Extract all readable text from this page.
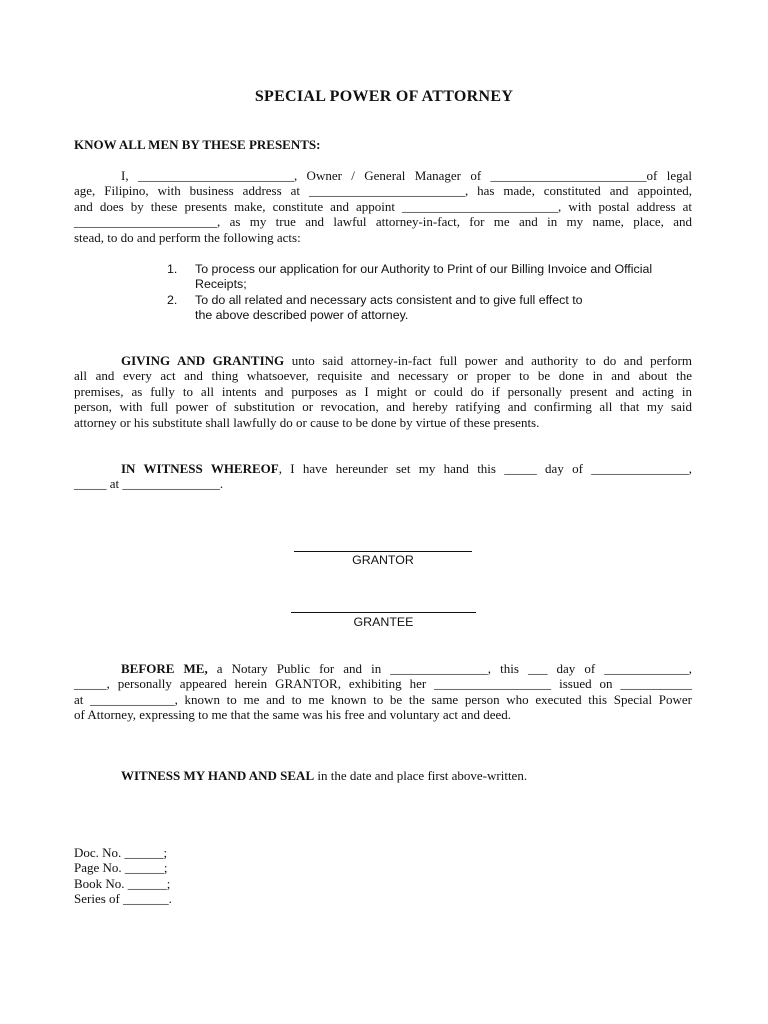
SPECIAL POWER OF ATTORNEY
KNOW ALL MEN BY THESE PRESENTS:
I, ________________________, Owner / General Manager of ________________________of legal
age, Filipino, with business address at ________________________, has made, constituted and appointed,
and does by these presents make, constitute and appoint ________________________, with postal address at
______________________, as my true and lawful attorney-in-fact, for me and in my name, place, and
stead, to do and perform the following acts:
1. To process our application for our Authority to Print of our Billing Invoice and Official
Receipts;
2. To do all related and necessary acts consistent and to give full effect to
the above described power of attorney.
GIVING AND GRANTING unto said attorney-in-fact full power and authority to do and perform
all and every act and thing whatsoever, requisite and necessary or proper to be done in and about the
premises, as fully to all intents and purposes as I might or could do if personally present and acting in
person, with full power of substitution or revocation, and hereby ratifying and confirming all that my said
attorney or his substitute shall lawfully do or cause to be done by virtue of these presents.
IN WITNESS WHEREOF, I have hereunder set my hand this _____ day of _______________,
_____ at _______________.
GRANTOR
GRANTEE
BEFORE ME, a Notary Public for and in _______________, this ___ day of _____________,
_____, personally appeared herein GRANTOR, exhibiting her __________________ issued on ___________
at _____________, known to me and to me known to be the same person who executed this Special Power
of Attorney, expressing to me that the same was his free and voluntary act and deed.
WITNESS MY HAND AND SEAL in the date and place first above-written.
Doc. No. ______;
Page No. ______;
Book No. ______;
Series of _______.
